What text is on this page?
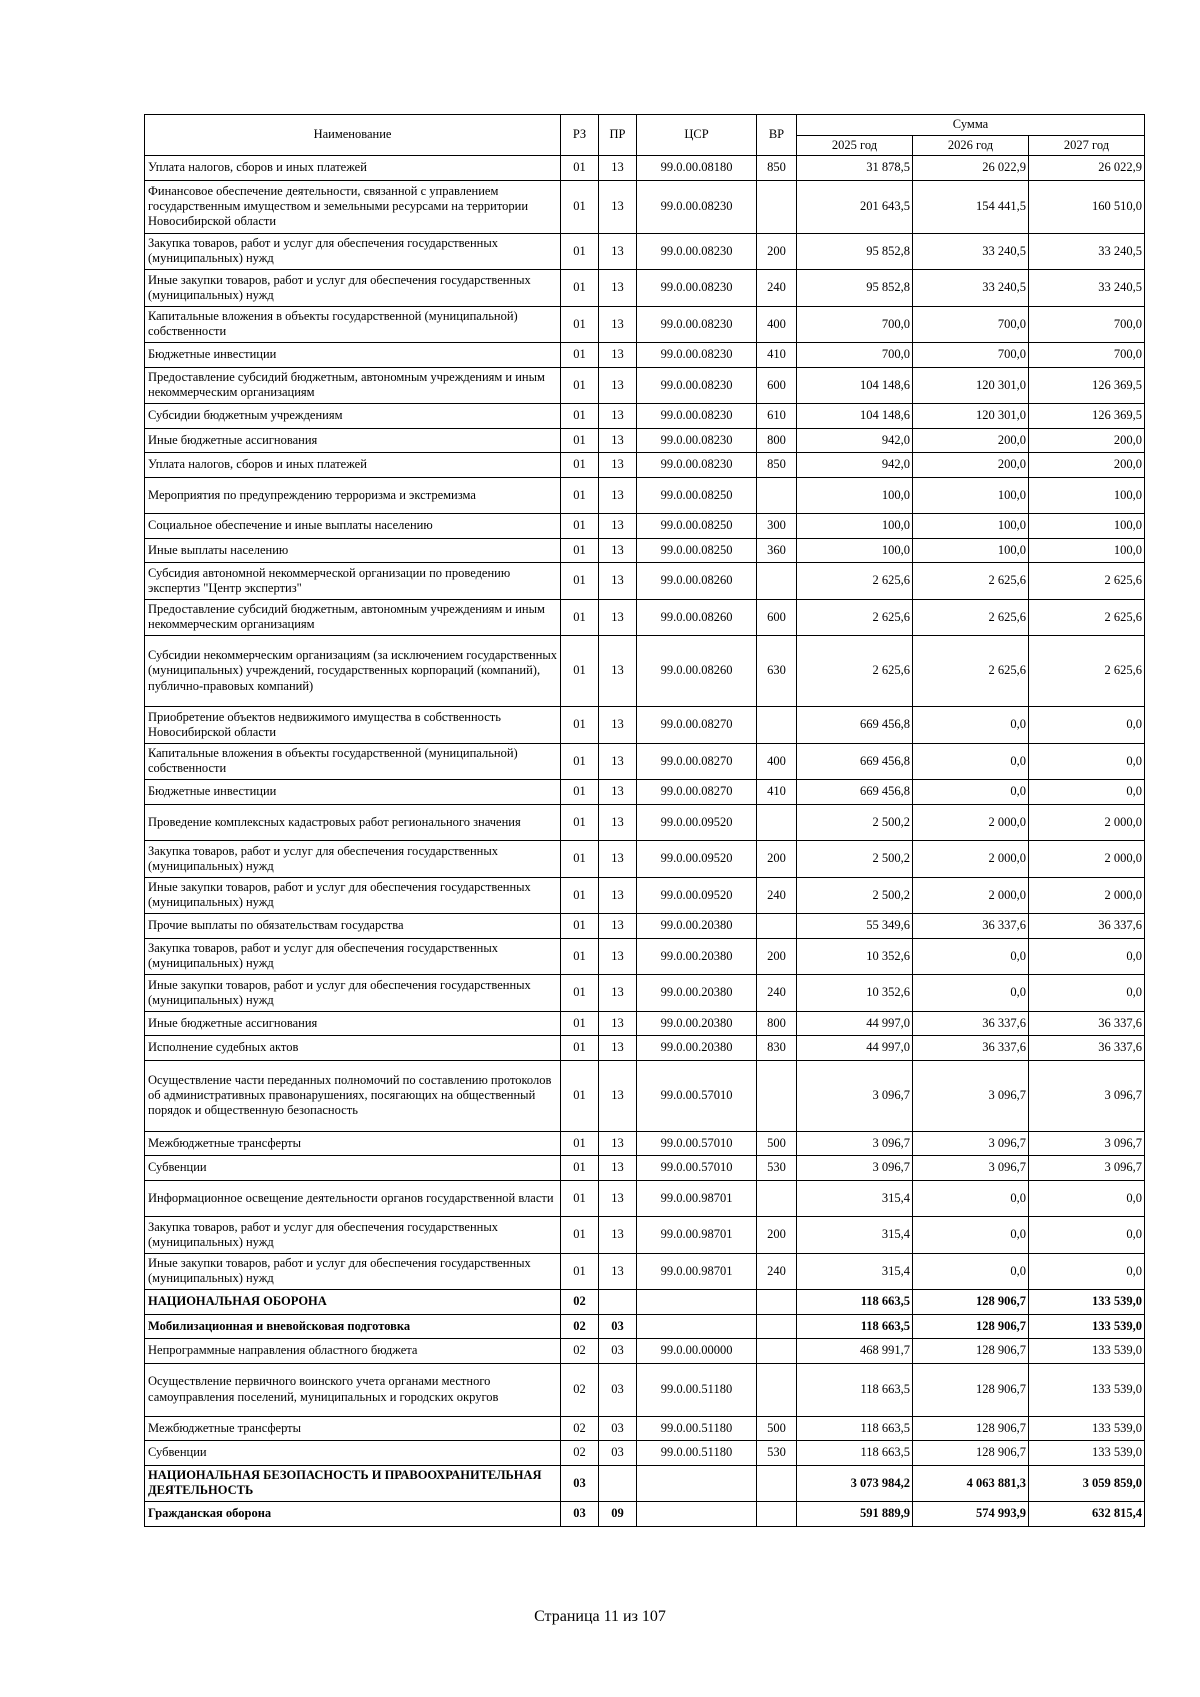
Наименование	РЗ	ПР	ЦСР	ВР	Сумма		
					2025 год	2026 год	2027 год
Уплата налогов, сборов и иных платежей	01	13	99.0.00.08180	850	31 878,5	26 022,9	26 022,9
Финансовое обеспечение деятельности, связанной с управлением государственным имуществом и земельными ресурсами на территории Новосибирской области	01	13	99.0.00.08230		201 643,5	154 441,5	160 510,0
Закупка товаров, работ и услуг для обеспечения государственных (муниципальных) нужд	01	13	99.0.00.08230	200	95 852,8	33 240,5	33 240,5
Иные закупки товаров, работ и услуг для обеспечения государственных (муниципальных) нужд	01	13	99.0.00.08230	240	95 852,8	33 240,5	33 240,5
Капитальные вложения в объекты государственной (муниципальной) собственности	01	13	99.0.00.08230	400	700,0	700,0	700,0
Бюджетные инвестиции	01	13	99.0.00.08230	410	700,0	700,0	700,0
Предоставление субсидий бюджетным, автономным учреждениям и иным некоммерческим организациям	01	13	99.0.00.08230	600	104 148,6	120 301,0	126 369,5
Субсидии бюджетным учреждениям	01	13	99.0.00.08230	610	104 148,6	120 301,0	126 369,5
Иные бюджетные ассигнования	01	13	99.0.00.08230	800	942,0	200,0	200,0
Уплата налогов, сборов и иных платежей	01	13	99.0.00.08230	850	942,0	200,0	200,0
Мероприятия по предупреждению терроризма и экстремизма	01	13	99.0.00.08250		100,0	100,0	100,0
Социальное обеспечение и иные выплаты населению	01	13	99.0.00.08250	300	100,0	100,0	100,0
Иные выплаты населению	01	13	99.0.00.08250	360	100,0	100,0	100,0
Субсидия автономной некоммерческой организации по проведению экспертиз "Центр экспертиз"	01	13	99.0.00.08260		2 625,6	2 625,6	2 625,6
Предоставление субсидий бюджетным, автономным учреждениям и иным некоммерческим организациям	01	13	99.0.00.08260	600	2 625,6	2 625,6	2 625,6
Субсидии некоммерческим организациям (за исключением государственных (муниципальных) учреждений, государственных корпораций (компаний), публично-правовых компаний)	01	13	99.0.00.08260	630	2 625,6	2 625,6	2 625,6
Приобретение объектов недвижимого имущества в собственность Новосибирской области	01	13	99.0.00.08270		669 456,8	0,0	0,0
Капитальные вложения в объекты государственной (муниципальной) собственности	01	13	99.0.00.08270	400	669 456,8	0,0	0,0
Бюджетные инвестиции	01	13	99.0.00.08270	410	669 456,8	0,0	0,0
Проведение комплексных кадастровых работ регионального значения	01	13	99.0.00.09520		2 500,2	2 000,0	2 000,0
Закупка товаров, работ и услуг для обеспечения государственных (муниципальных) нужд	01	13	99.0.00.09520	200	2 500,2	2 000,0	2 000,0
Иные закупки товаров, работ и услуг для обеспечения государственных (муниципальных) нужд	01	13	99.0.00.09520	240	2 500,2	2 000,0	2 000,0
Прочие выплаты по обязательствам государства	01	13	99.0.00.20380		55 349,6	36 337,6	36 337,6
Закупка товаров, работ и услуг для обеспечения государственных (муниципальных) нужд	01	13	99.0.00.20380	200	10 352,6	0,0	0,0
Иные закупки товаров, работ и услуг для обеспечения государственных (муниципальных) нужд	01	13	99.0.00.20380	240	10 352,6	0,0	0,0
Иные бюджетные ассигнования	01	13	99.0.00.20380	800	44 997,0	36 337,6	36 337,6
Исполнение судебных актов	01	13	99.0.00.20380	830	44 997,0	36 337,6	36 337,6
Осуществление части переданных полномочий по составлению протоколов об административных правонарушениях, посягающих на общественный порядок и общественную безопасность	01	13	99.0.00.57010		3 096,7	3 096,7	3 096,7
Межбюджетные трансферты	01	13	99.0.00.57010	500	3 096,7	3 096,7	3 096,7
Субвенции	01	13	99.0.00.57010	530	3 096,7	3 096,7	3 096,7
Информационное освещение деятельности органов государственной власти	01	13	99.0.00.98701		315,4	0,0	0,0
Закупка товаров, работ и услуг для обеспечения государственных (муниципальных) нужд	01	13	99.0.00.98701	200	315,4	0,0	0,0
Иные закупки товаров, работ и услуг для обеспечения государственных (муниципальных) нужд	01	13	99.0.00.98701	240	315,4	0,0	0,0
НАЦИОНАЛЬНАЯ ОБОРОНА	02				118 663,5	128 906,7	133 539,0
Мобилизационная и вневойсковая подготовка	02	03			118 663,5	128 906,7	133 539,0
Непрограммные направления областного бюджета	02	03	99.0.00.00000		468 991,7	128 906,7	133 539,0
Осуществление первичного воинского учета органами местного самоуправления поселений, муниципальных и городских округов	02	03	99.0.00.51180		118 663,5	128 906,7	133 539,0
Межбюджетные трансферты	02	03	99.0.00.51180	500	118 663,5	128 906,7	133 539,0
Субвенции	02	03	99.0.00.51180	530	118 663,5	128 906,7	133 539,0
НАЦИОНАЛЬНАЯ БЕЗОПАСНОСТЬ И ПРАВООХРАНИТЕЛЬНАЯ ДЕЯТЕЛЬНОСТЬ	03				3 073 984,2	4 063 881,3	3 059 859,0
Гражданская оборона	03	09			591 889,9	574 993,9	632 815,4
Страница 11 из 107
